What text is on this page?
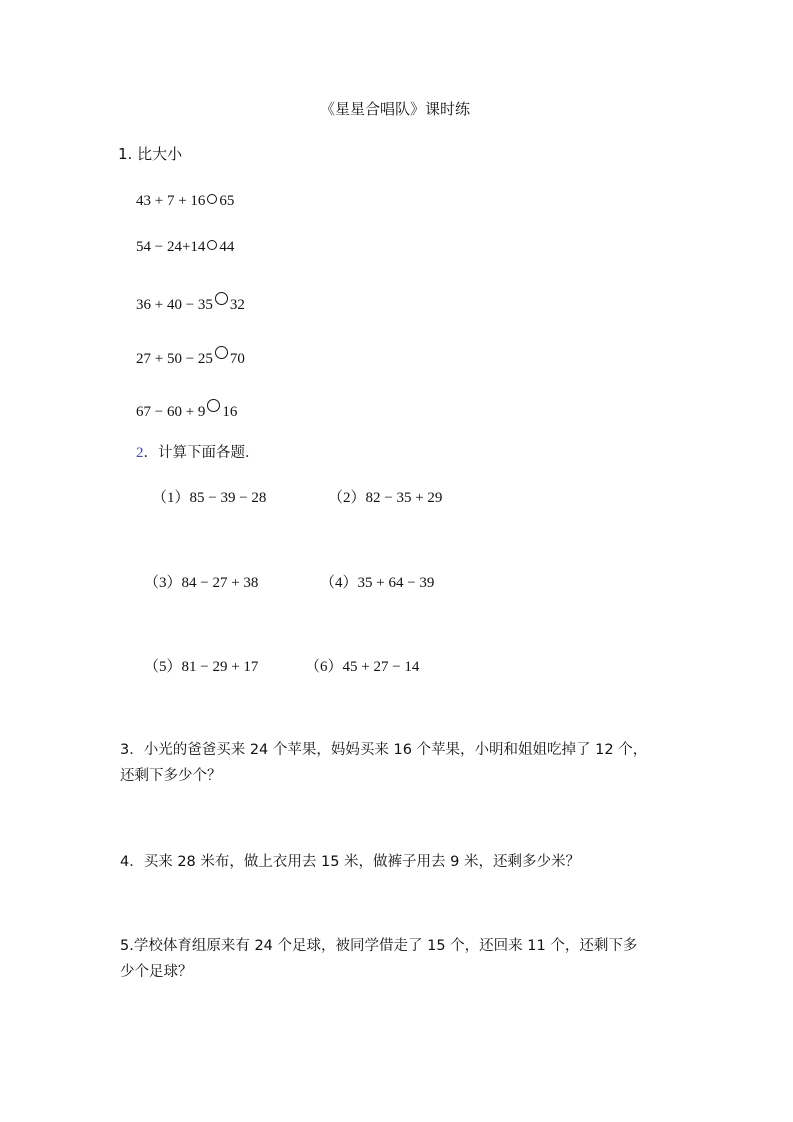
《星星合唱队》课时练
1. 比大小
43 + 7 + 16 65
54 − 24+14 44
36 + 40 − 35 32
27 + 50 − 25 70
67 − 60 + 9 16
2．计算下面各题．
（1）85 − 39 − 28	（2）82 − 35 + 29
（3）84 − 27 + 38	（4）35 + 64 − 39
（5）81 − 29 + 17	（6）45 + 27 − 14
3．小光的爸爸买来 24 个苹果，妈妈买来 16 个苹果，小明和姐姐吃掉了 12 个，
还剩下多少个？
4．买来 28 米布，做上衣用去 15 米，做裤子用去 9 米，还剩多少米？
5.学校体育组原来有 24 个足球，被同学借走了 15 个，还回来 11 个，还剩下多
少个足球？
